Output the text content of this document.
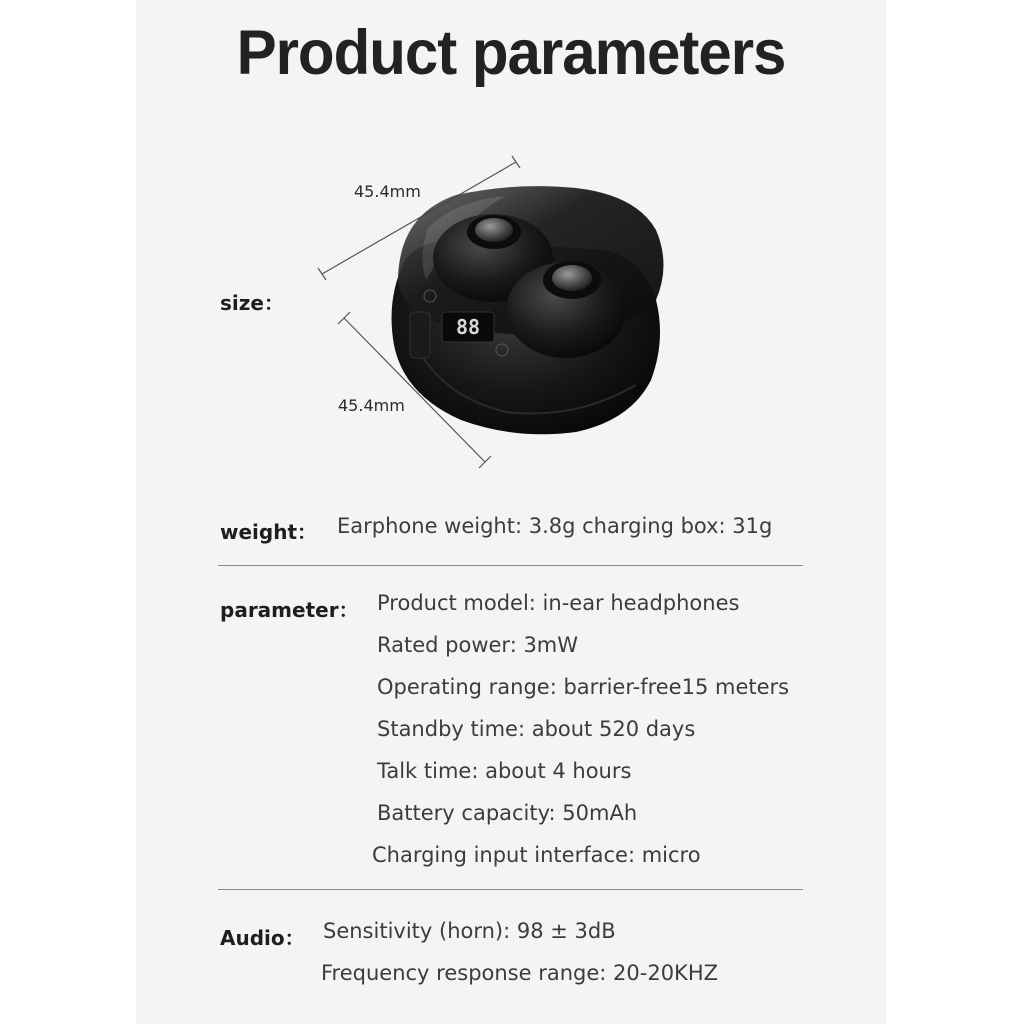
Product parameters
size：
88
45.4mm
45.4mm
weight： Earphone weight: 3.8g charging box: 31g
parameter： Product model: in-ear headphones
Rated power: 3mW
Operating range: barrier-free15 meters
Standby time: about 520 days
Talk time: about 4 hours
Battery capacity: 50mAh
Charging input interface: micro
Audio： Sensitivity (horn): 98 ± 3dB
Frequency response range: 20-20KHZ
